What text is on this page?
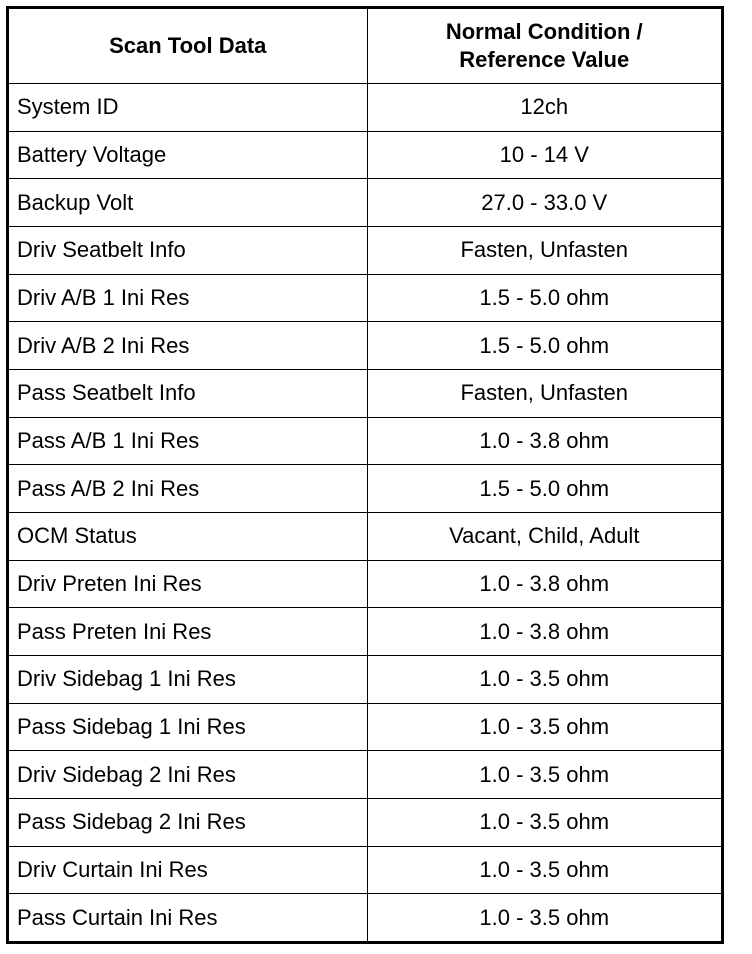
Scan Tool Data	Normal Condition /
Reference Value

System ID	12ch
Battery Voltage	10 - 14 V
Backup Volt	27.0 - 33.0 V
Driv Seatbelt Info	Fasten, Unfasten
Driv A/B 1 Ini Res	1.5 - 5.0 ohm
Driv A/B 2 Ini Res	1.5 - 5.0 ohm
Pass Seatbelt Info	Fasten, Unfasten
Pass A/B 1 Ini Res	1.0 - 3.8 ohm
Pass A/B 2 Ini Res	1.5 - 5.0 ohm
OCM Status	Vacant, Child, Adult
Driv Preten Ini Res	1.0 - 3.8 ohm
Pass Preten Ini Res	1.0 - 3.8 ohm
Driv Sidebag 1 Ini Res	1.0 - 3.5 ohm
Pass Sidebag 1 Ini Res	1.0 - 3.5 ohm
Driv Sidebag 2 Ini Res	1.0 - 3.5 ohm
Pass Sidebag 2 Ini Res	1.0 - 3.5 ohm
Driv Curtain Ini Res	1.0 - 3.5 ohm
Pass Curtain Ini Res	1.0 - 3.5 ohm
